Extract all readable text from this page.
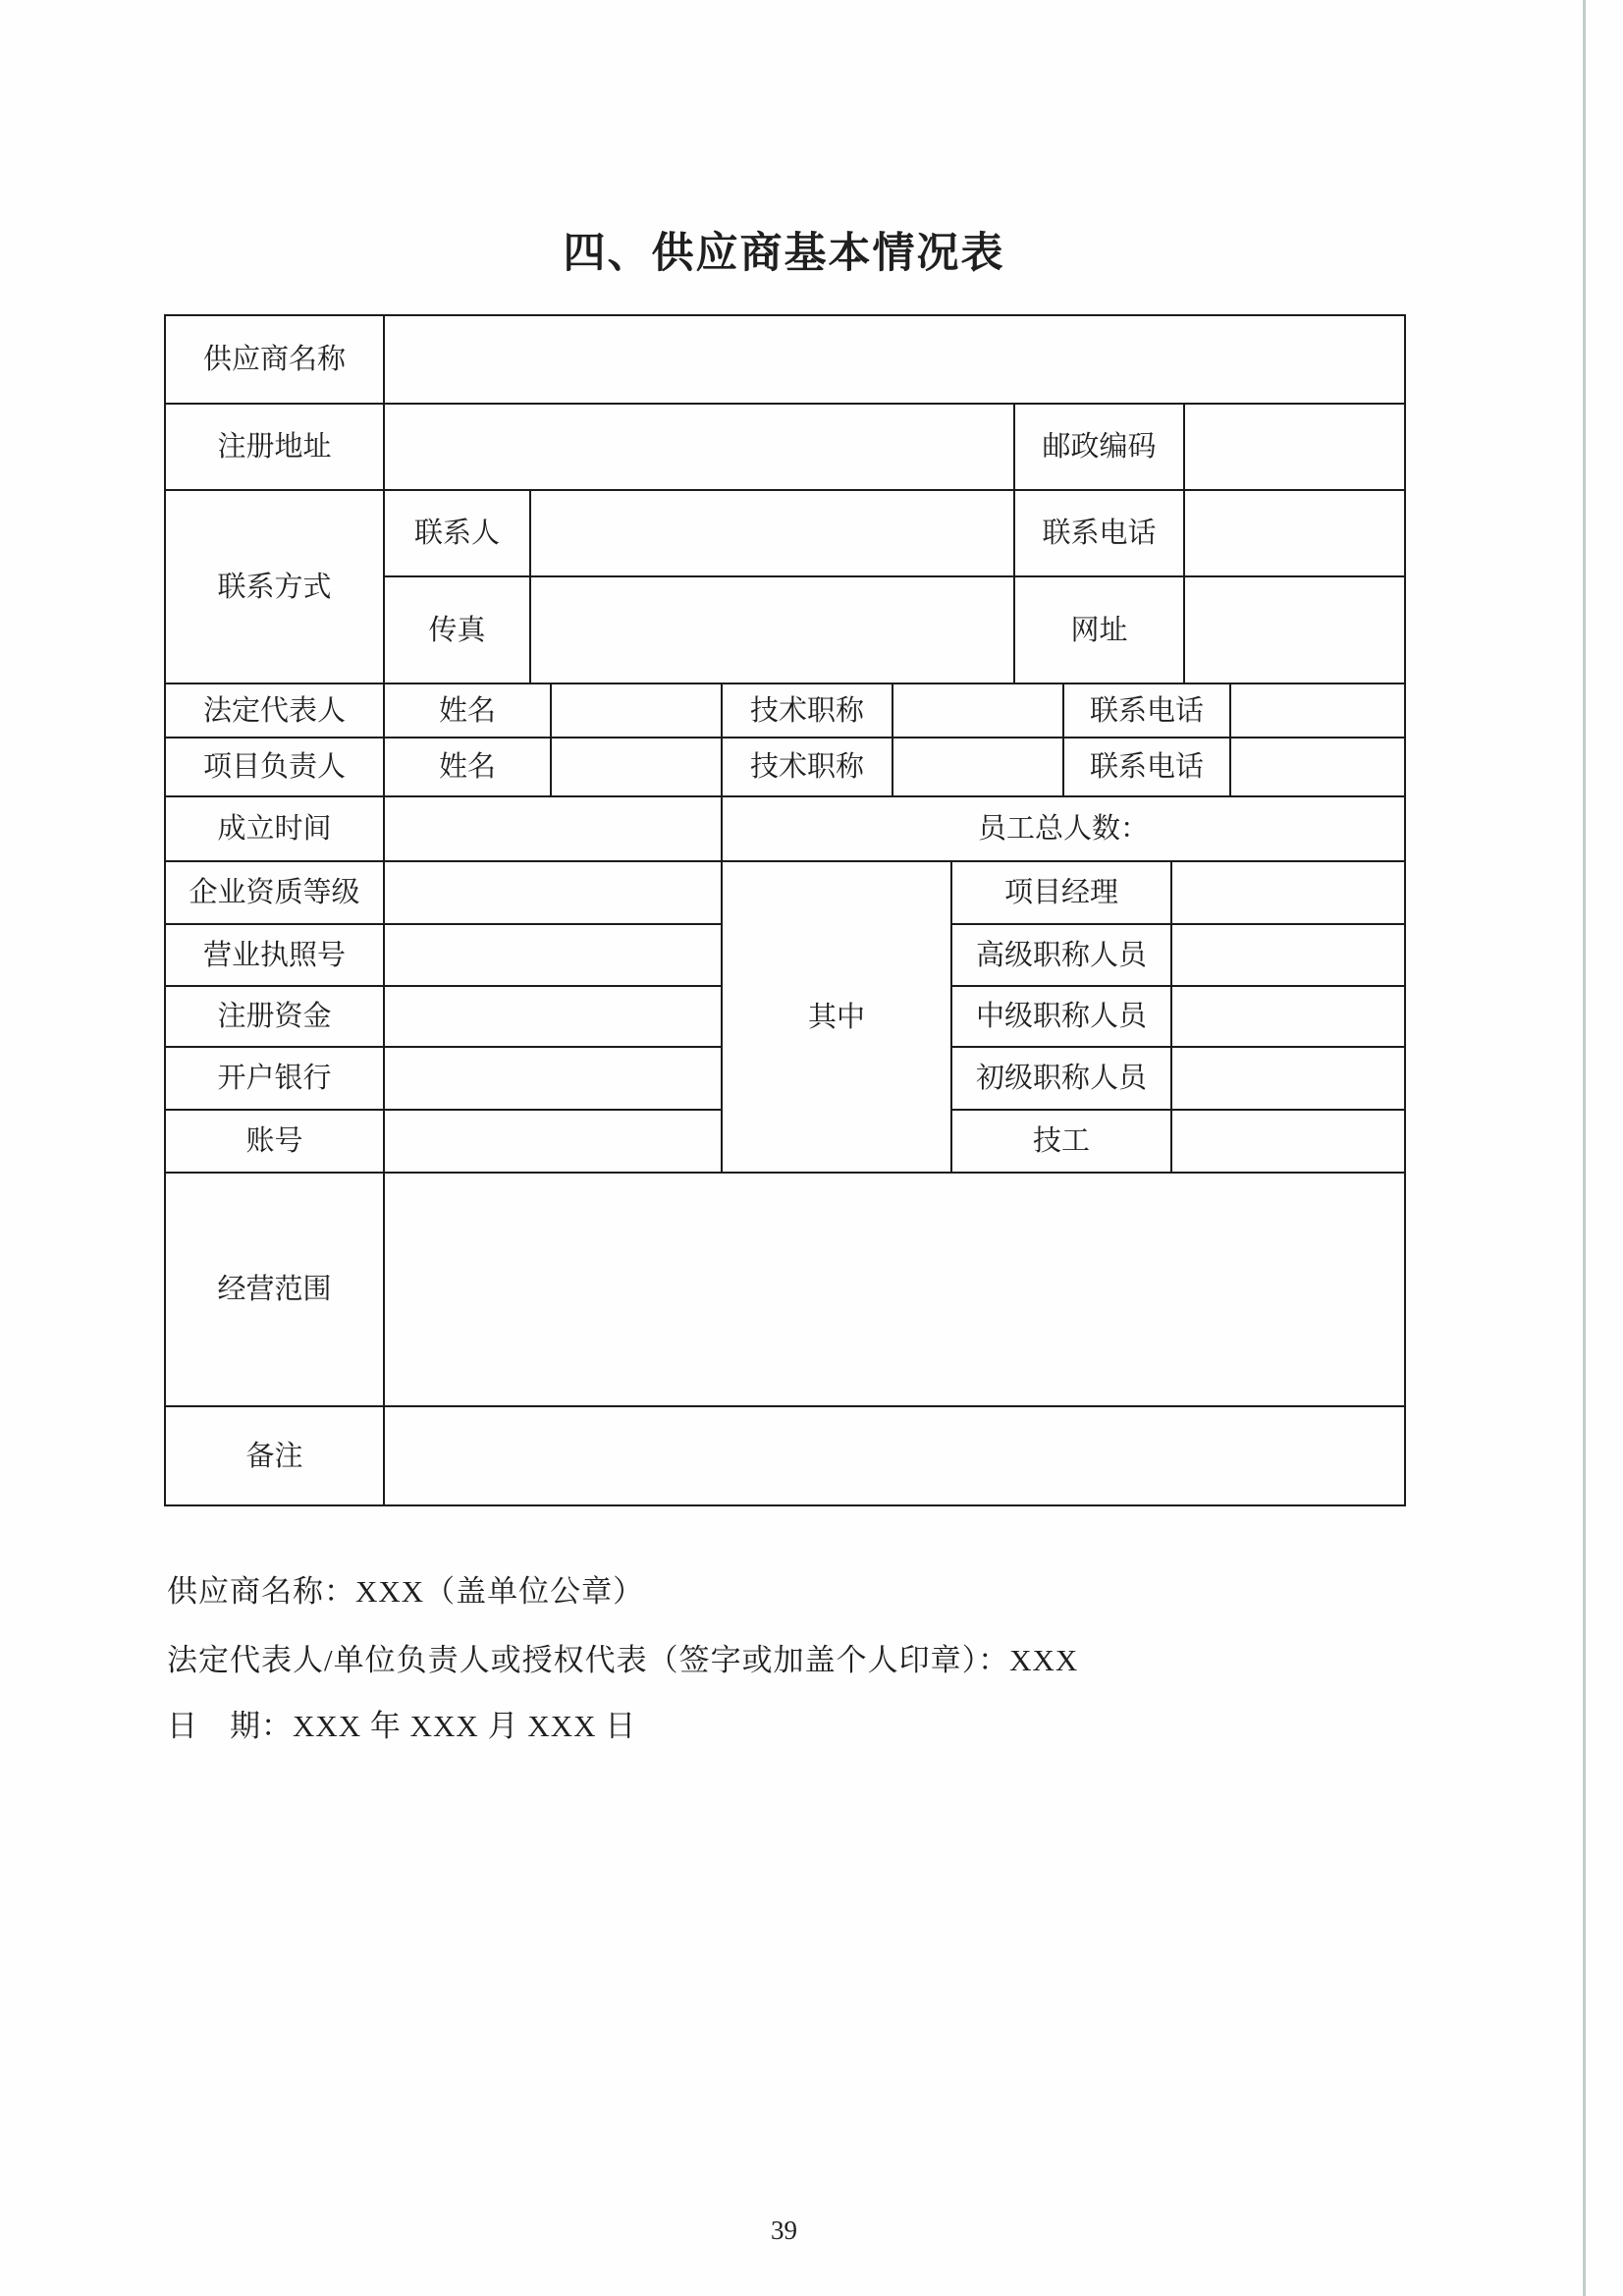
四、供应商基本情况表
供应商名称											
注册地址							邮政编码				
联系方式	联系人						联系电话				
	传真						网址				
法定代表人	姓名			技术职称				联系电话			
项目负责人	姓名			技术职称				联系电话			
成立时间				员工总人数：							
企业资质等级				其中		项目经理					
营业执照号						高级职称人员					
注册资金						中级职称人员					
开户银行						初级职称人员					
账号						技工					
经营范围											
备注											
供应商名称：XXX（盖单位公章）
法定代表人/单位负责人或授权代表（签字或加盖个人印章）：XXX
日　期：XXX 年 XXX 月 XXX 日
39
